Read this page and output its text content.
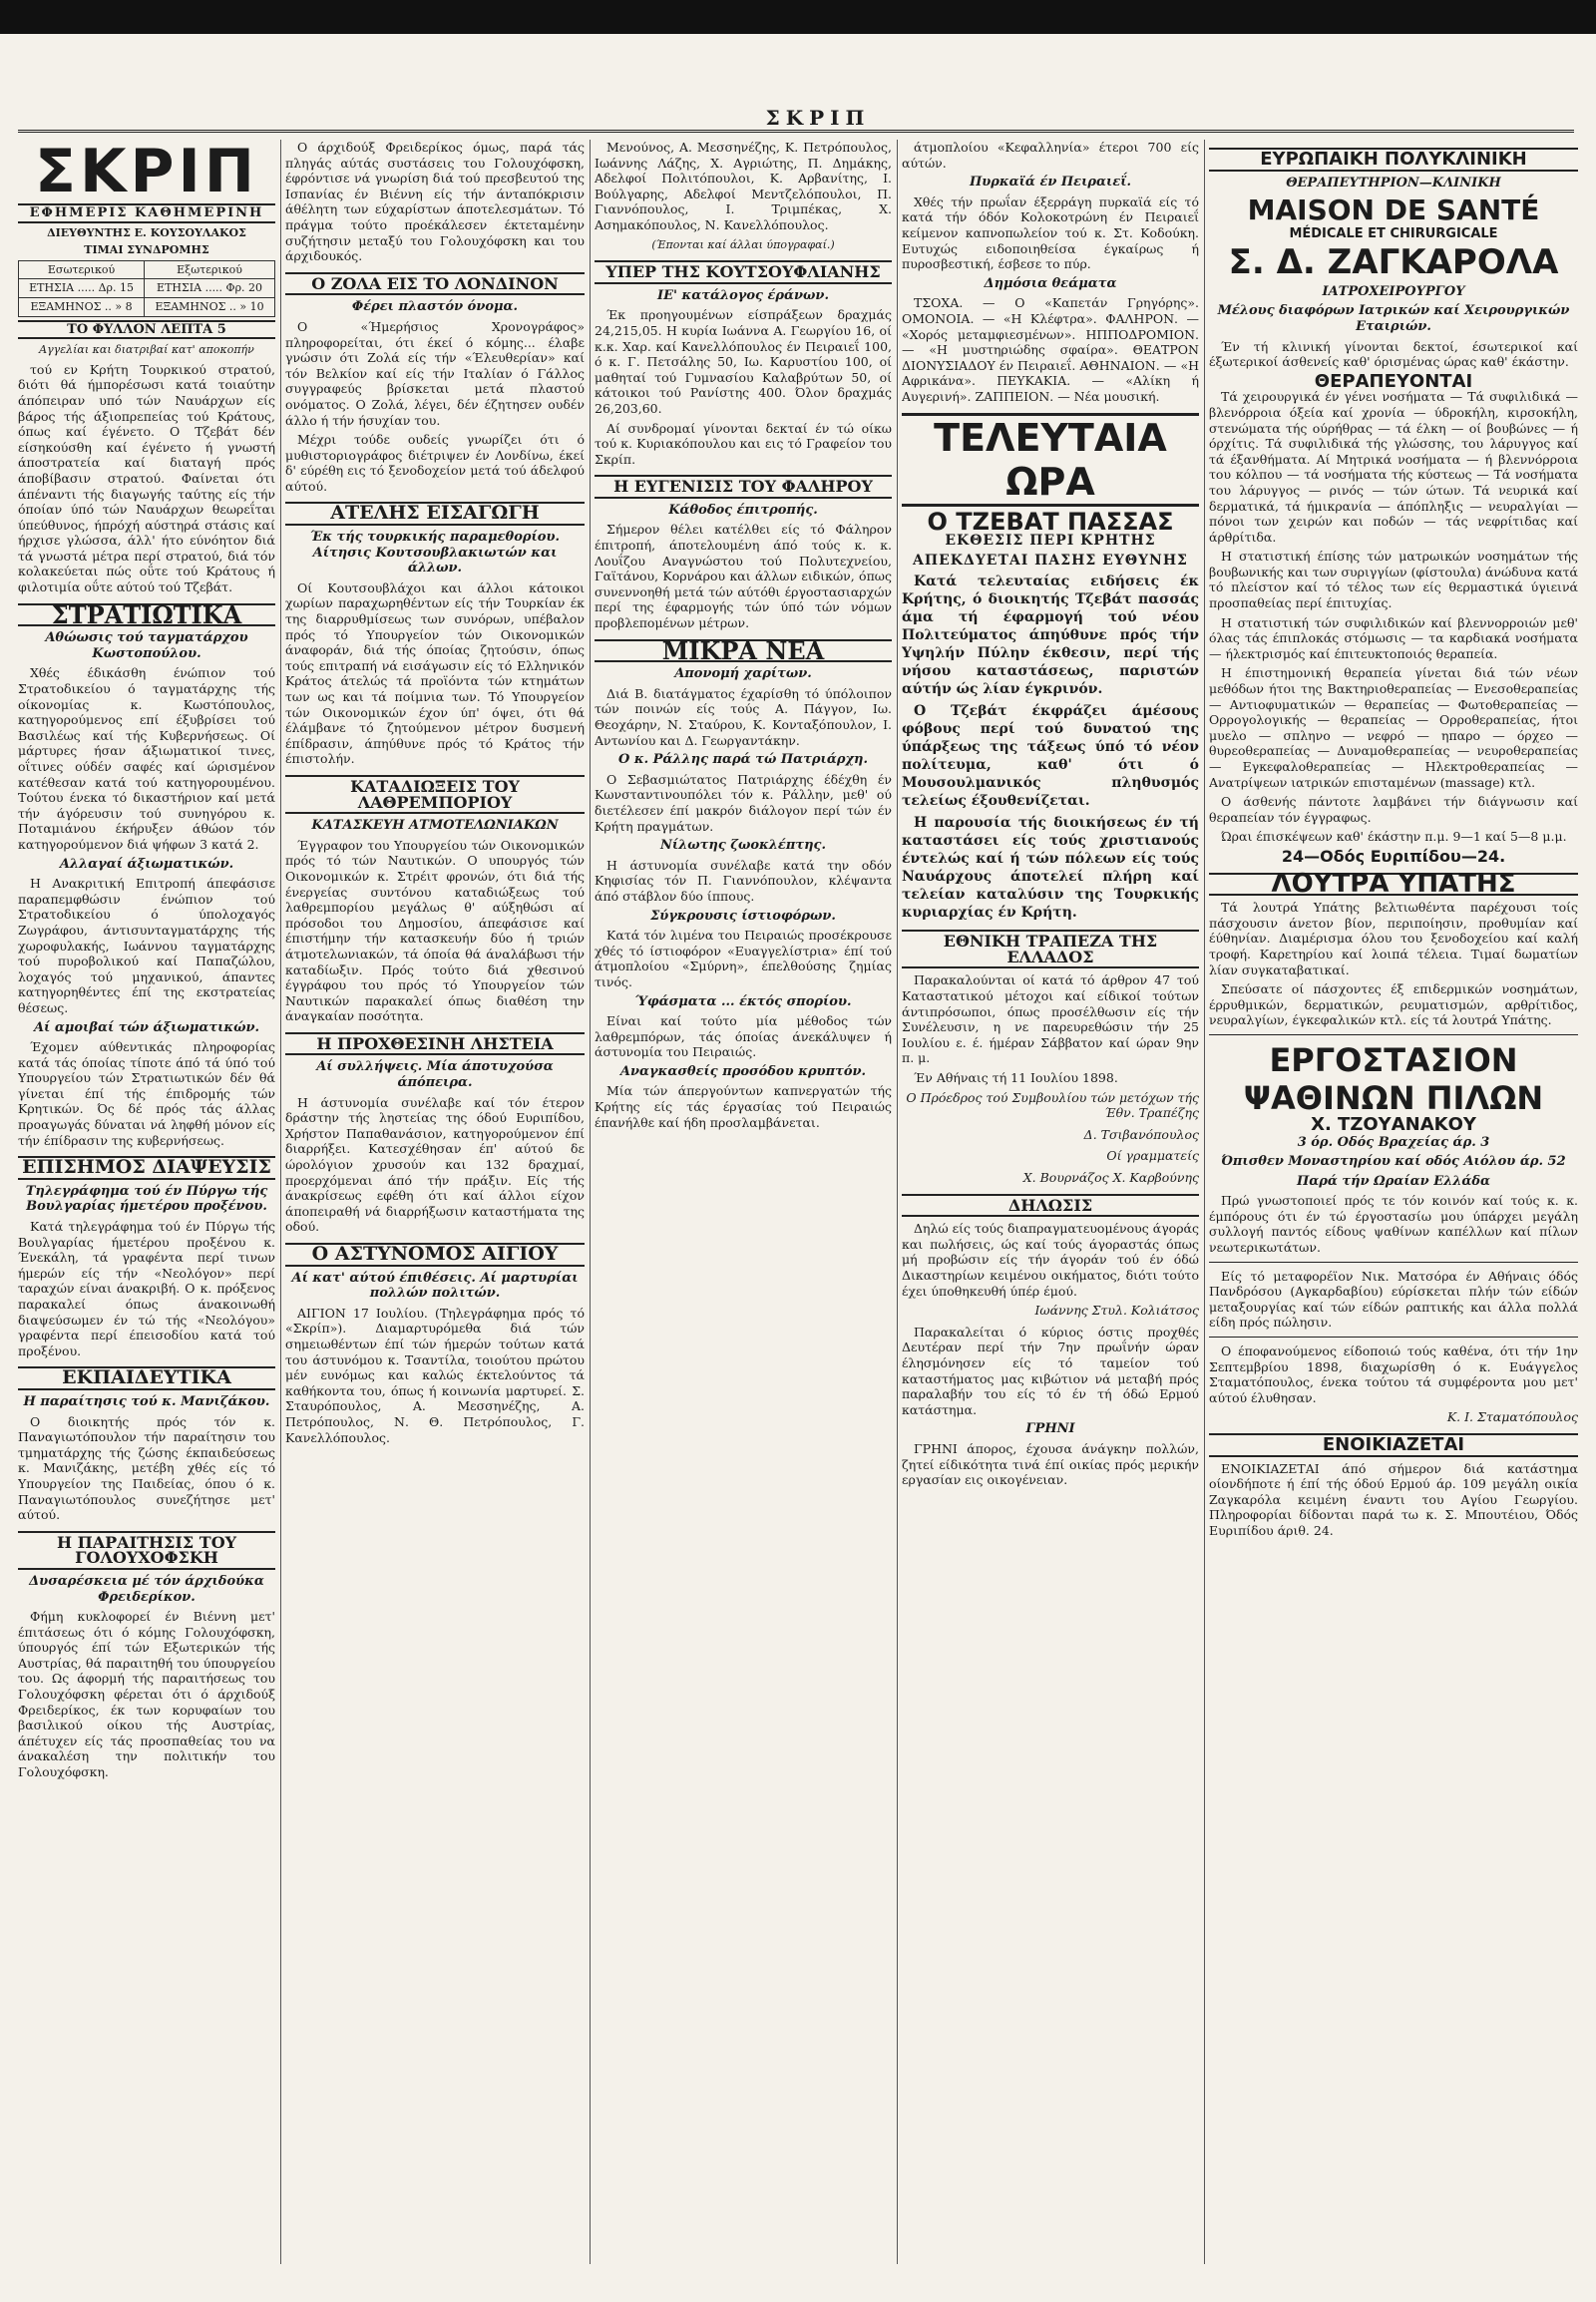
ΣΚΡΙΠ
ΣΚΡΙΠ
ΕΦΗΜΕΡΙΣ ΚΑΘΗΜΕΡΙΝΗ
ΔΙΕΥΘΥΝΤΗΣ Ε. ΚΟΥΣΟΥΛΑΚΟΣ
ΤΙΜΑΙ ΣΥΝΔΡΟΜΗΣ
Εσωτερικού	Εξωτερικού
ΕΤΗΣΙΑ ..... Δρ. 15	ΕΤΗΣΙΑ ..... Φρ. 20
ΕΞΑΜΗΝΟΣ .. » 8	ΕΞΑΜΗΝΟΣ .. » 10
ΤΟ ΦΥΛΛΟΝ ΛΕΠΤΑ 5
Αγγελίαι και διατριβαί κατ' αποκοπήν

τού εν Κρήτη Τουρκικού στρατού, διότι θά ήμπορέσωσι κατά τοιαύτην άπόπειραν υπό τών Ναυάρχων είς βάρος τής άξιοπρεπείας τού Κράτους, όπως καί έγένετο. Ο Τζεβάτ δέν είσηκούσθη καί έγένετο ή γνωστή άποστρατεία καί διαταγή πρός άποβίβασιν στρατού. Φαίνεται ότι άπέναντι τής διαγωγής ταύτης είς τήν όποίαν ύπό τών Ναυάρχων θεωρεΐται ύπεύθυνος, ήπρόχή αύστηρά στάσις καί ήρχισε γλώσσα, άλλ' ήτο εύνόητον διά τά γνωστά μέτρα περί στρατού, διά τόν κολακεύεται πώς οΰτε τού Κράτους ή φιλοτιμία οΰτε αύτού τού Τζεβάτ.

ΣΤΡΑΤΙΩΤΙΚΑ
Αθώωσις τού ταγματάρχου Κωστοπούλου.

Χθές έδικάσθη ένώπιον τού Στρατοδικείου ό ταγματάρχης τής οίκονομίας κ. Κωστόπουλος, κατηγορούμενος επί έξυβρίσει τού Βασιλέως καί τής Κυβερνήσεως. Οί μάρτυρες ήσαν άξιωματικοί τινες, οΐτινες ούδέν σαφές καί ώρισμένον κατέθεσαν κατά τού κατηγορουμένου. Τούτου ένεκα τό δικαστήριον καί μετά τήν άγόρευσιν τού συνηγόρου κ. Ποταμιάνου έκήρυξεν άθώον τόν κατηγορούμενον διά ψήφων 3 κατά 2.

Αλλαγαί άξιωματικών.

Η Ανακριτική Επιτροπή άπεφάσισε παραπεμφθώσιν ένώπιον τού Στρατοδικείου ό ύπολοχαγός Ζωγράφου, άντισυνταγματάρχης τής χωροφυλακής, Ιωάννου ταγματάρχης τού πυροβολικού καί Παπαζώλου, λοχαγός τού μηχανικού, άπαντες κατηγορηθέντες έπί της εκστρατείας θέσεως.

Αί αμοιβαί τών άξιωματικών.

Έχομεν αύθεντικάς πληροφορίας κατά τάς όποίας τίποτε άπό τά ύπό τού Υπουργείου τών Στρατιωτικών δέν θά γίνεται έπί τής έπιδρομής τών Κρητικών. Ός δέ πρός τάς άλλας προαγωγάς δύναται νά ληφθή μόνον είς τήν έπίδρασιν της κυβερνήσεως.

ΕΠΙΣΗΜΟΣ ΔΙΑΨΕΥΣΙΣ
Τηλεγράφημα τού έν Πύργω τής Βουλγαρίας ήμετέρου προξένου.

Κατά τηλεγράφημα τού έν Πύργω τής Βουλγαρίας ήμετέρου προξένου κ. Ένεκάλη, τά γραφέντα περί τινων ήμερών είς τήν «Νεολόγον» περί ταραχών είναι άνακριβή. Ο κ. πρόξενος παρακαλεί όπως άνακοινωθή διαψεύσωμεν έν τώ τής «Νεολόγου» γραφέντα περί έπεισοδίου κατά τού προξένου.

ΕΚΠΑΙΔΕΥΤΙΚΑ
Η παραίτησις τού κ. Μανιζάκου.

Ο διοικητής πρός τόν κ. Παναγιωτόπουλον τήν παραίτησιν του τμηματάρχης τής ζώσης έκπαιδεύσεως κ. Μανιζάκης, μετέβη χθές είς τό Υπουργείον της Παιδείας, όπου ό κ. Παναγιωτόπουλος συνεζήτησε μετ' αύτού.

Η ΠΑΡΑΙΤΗΣΙΣ ΤΟΥ ΓΟΛΟΥΧΟΦΣΚΗ
Δυσαρέσκεια μέ τόν άρχιδούκα Φρειδερίκον.

Φήμη κυκλοφορεί έν Βιέννη μετ' έπιτάσεως ότι ό κόμης Γολουχόφσκη, ύπουργός έπί τών Εξωτερικών τής Αυστρίας, θά παραιτηθή του ύπουργείου του. Ως άφορμή τής παραιτήσεως του Γολουχόφσκη φέρεται ότι ό άρχιδούξ Φρειδερίκος, έκ των κορυφαίων του βασιλικού οίκου τής Αυστρίας, άπέτυχεν είς τάς προσπαθείας του να άνακαλέση την πολιτικήν του Γολουχόφσκη.

Ο άρχιδούξ Φρειδερίκος όμως, παρά τάς πληγάς αύτάς συστάσεις του Γολουχόφσκη, έφρόντισε νά γνωρίση διά τού πρεσβευτού της Ισπανίας έν Βιέννη είς τήν άνταπόκρισιν άθέλητη των εύχαρίστων άποτελεσμάτων. Τό πράγμα τούτο προέκάλεσεν έκτεταμένην συζήτησιν μεταξύ του Γολουχόφσκη και του άρχιδουκός.

Ο ΖΟΛΑ ΕΙΣ ΤΟ ΛΟΝΔΙΝΟΝ
Φέρει πλαστόν όνομα.

Ο «Ήμερήσιος Χρονογράφος» πληροφορείται, ότι έκεί ό κόμης... έλαβε γνώσιν ότι Ζολά είς τήν «Έλευθερίαν» καί τόν Βελκίον καί είς τήν Ιταλίαν ό Γάλλος συγγραφεύς βρίσκεται μετά πλαστού ονόματος. Ο Ζολά, λέγει, δέν έζητησεν ουδέν άλλο ή τήν ήσυχίαν του.

Μέχρι τούδε ουδείς γνωρίζει ότι ό μυθιστοριογράφος διέτριψεν έν Λονδίνω, έκεί δ' εύρέθη εις τό ξενοδοχείον μετά τού άδελφού αύτού.

ΑΤΕΛΗΣ ΕΙΣΑΓΩΓΗ
Έκ τής τουρκικής παραμεθορίου. Αίτησις Κουτσουβλακιωτών και άλλων.

Οί Κουτσουβλάχοι και άλλοι κάτοικοι χωρίων παραχωρηθέντων είς τήν Τουρκίαν έκ της διαρρυθμίσεως των συνόρων, υπέβαλον πρός τό Υπουργείον τών Οικονομικών άναφοράν, διά τής όποίας ζητούσιν, όπως τούς επιτραπή νά εισάγωσιν είς τό Ελληνικόν Κράτος άτελώς τά προϊόντα τών κτημάτων των ως και τά ποίμνια των. Τό Υπουργείον τών Οικονομικών έχον ύπ' όψει, ότι θά έλάμβανε τό ζητούμενον μέτρον δυσμενή έπίδρασιν, άπηύθυνε πρός τό Κράτος τήν έπιστολήν.

ΚΑΤΑΔΙΩΞΕΙΣ ΤΟΥ ΛΑΘΡΕΜΠΟΡΙΟΥ
ΚΑΤΑΣΚΕΥΗ ΑΤΜΟΤΕΛΩΝΙΑΚΩΝ

Έγγραφον του Υπουργείου τών Οικονομικών πρός τό τών Ναυτικών. Ο υπουργός τών Οικονομικών κ. Στρέιτ φρονών, ότι διά τής ένεργείας συντόνου καταδιώξεως τού λαθρεμπορίου μεγάλως θ' αύξηθώσι αί πρόσοδοι του Δημοσίου, άπεφάσισε καί έπιστήμην τήν κατασκευήν δύο ή τριών άτμοτελωνιακών, τά όποία θά άναλάβωσι τήν καταδίωξιν. Πρός τούτο διά χθεσινού έγγράφου του πρός τό Υπουργείον τών Ναυτικών παρακαλεί όπως διαθέση την άναγκαίαν ποσότητα.

Η ΠΡΟΧΘΕΣΙΝΗ ΛΗΣΤΕΙΑ
Αί συλλήψεις. Μία άποτυχούσα άπόπειρα.

Η άστυνομία συνέλαβε καί τόν έτερον δράστην τής ληστείας της όδού Ευριπίδου, Χρήστον Παπαθανάσιον, κατηγορούμενον έπί διαρρήξει. Κατεσχέθησαν έπ' αύτού δε ώρολόγιον χρυσούν και 132 δραχμαί, προερχόμεναι άπό τήν πράξιν. Είς τής άνακρίσεως εφέθη ότι καί άλλοι είχον άποπειραθή νά διαρρήξωσιν καταστήματα της οδού.

Ο ΑΣΤΥΝΟΜΟΣ ΑΙΓΙΟΥ
Αί κατ' αύτού έπιθέσεις. Αί μαρτυρίαι πολλών πολιτών.

ΑΙΓΙΟΝ 17 Ιουλίου. (Τηλεγράφημα πρός τό «Σκρίπ»). Διαμαρτυρόμεθα διά τών σημειωθέντων έπί τών ήμερών τούτων κατά του άστυνόμου κ. Τσαντίλα, τοιούτου πρώτου μέν ευνόμως και καλώς έκτελούντος τά καθήκοντα του, όπως ή κοινωνία μαρτυρεί. Σ. Σταυρόπουλος, Α. Μεσσηνέζης, Α. Πετρόπουλος, Ν. Θ. Πετρόπουλος, Γ. Κανελλόπουλος.

Μενούνος, Α. Μεσσηνέζης, Κ. Πετρόπουλος, Ιωάννης Λάζης, Χ. Αγριώτης, Π. Δημάκης, Αδελφοί Πολιτόπουλοι, Κ. Αρβανίτης, Ι. Βούλγαρης, Αδελφοί Μεντζελόπουλοι, Π. Γιαννόπουλος, Ι. Τριμπέκας, Χ. Ασημακόπουλος, Ν. Κανελλόπουλος.

(Έπονται καί άλλαι ύπογραφαί.)
ΥΠΕΡ ΤΗΣ ΚΟΥΤΣΟΥΦΛΙΑΝΗΣ
ΙΕ' κατάλογος έράνων.

Έκ προηγουμένων είσπράξεων δραχμάς 24,215,05. Η κυρία Ιωάννα Α. Γεωργίου 16, οί κ.κ. Χαρ. καί Κανελλόπουλος έν Πειραιεΐ 100, ό κ. Γ. Πετσάλης 50, Ιω. Καρυστίου 100, οί μαθηταί τού Γυμνασίου Καλαβρύτων 50, οί κάτοικοι τού Ρανίστης 400. Όλον δραχμάς 26,203,60.

Αί συνδρομαί γίνονται δεκταί έν τώ οίκω τού κ. Κυριακόπουλου και εις τό Γραφείον του Σκρίπ.

Η ΕΥΓΕΝΙΣΙΣ ΤΟΥ ΦΑΛΗΡΟΥ
Κάθοδος έπιτροπής.

Σήμερον θέλει κατέλθει είς τό Φάληρον έπιτροπή, άποτελουμένη άπό τούς κ. κ. Λουΐζου Αναγνώστου τού Πολυτεχνείου, Γαϊτάνου, Κορνάρου και άλλων ειδικών, όπως συνεννοηθή μετά τών αύτόθι έργοστασιαρχών περί της έφαρμογής τών ύπό τών νόμων προβλεπομένων μέτρων.

ΜΙΚΡΑ ΝΕΑ
Απονομή χαρίτων.

Διά Β. διατάγματος έχαρίσθη τό ύπόλοιπον τών ποινών είς τούς Α. Πάγγον, Ιω. Θεοχάρην, Ν. Σταύρου, Κ. Κονταξόπουλον, Ι. Αντωνίου και Δ. Γεωργαντάκην.

Ο κ. Ράλλης παρά τώ Πατριάρχη.

Ο Σεβασμιώτατος Πατριάρχης έδέχθη έν Κωνσταντινουπόλει τόν κ. Ράλλην, μεθ' ού διετέλεσεν έπί μακρόν διάλογον περί τών έν Κρήτη πραγμάτων.

Νίλωτης ζωοκλέπτης.

Η άστυνομία συνέλαβε κατά την οδόν Κηφισίας τόν Π. Γιαννόπουλον, κλέψαντα άπό στάβλον δύο ίππους.

Σύγκρουσις ίστιοφόρων.

Κατά τόν λιμένα του Πειραιώς προσέκρουσε χθές τό ίστιοφόρον «Ευαγγελίστρια» έπί τού άτμοπλοίου «Σμύρνη», έπελθούσης ζημίας τινός.

Ύφάσματα ... έκτός σπορίου.

Είναι καί τούτο μία μέθοδος τών λαθρεμπόρων, τάς όποίας άνεκάλυψεν ή άστυνομία του Πειραιώς.

Αναγκασθείς προσόδου κρυπτόν.

Μία τών άπεργούντων καπνεργατών τής Κρήτης είς τάς έργασίας τού Πειραιώς έπανήλθε καί ήδη προσλαμβάνεται.

άτμοπλοίου «Κεφαλληνία» έτεροι 700 είς αύτών.

Πυρκαϊά έν Πειραιεΐ.

Χθές τήν πρωΐαν έξερράγη πυρκαϊά είς τό κατά τήν όδόν Κολοκοτρώνη έν Πειραιεΐ κείμενον καπνοπωλείον τού κ. Στ. Κοδούκη. Ευτυχώς ειδοποιηθείσα έγκαίρως ή πυροσβεστική, έσβεσε το πύρ.

Δημόσια θεάματα

ΤΣΟΧΑ. — Ο «Καπετάν Γρηγόρης». ΟΜΟΝΟΙΑ. — «Η Κλέφτρα». ΦΑΛΗΡΟΝ. — «Χορός μεταμφιεσμένων». ΗΠΠΟΔΡΟΜΙΟΝ. — «Η μυστηριώδης σφαίρα». ΘΕΑΤΡΟΝ ΔΙΟΝΥΣΙΑΔΟΥ έν Πειραιεΐ. ΑΘΗΝΑΙΟΝ. — «Η Αφρικάνα». ΠΕΥΚΑΚΙΑ. — «Αλίκη ή Αυγερινή». ΖΑΠΠΕΙΟΝ. — Νέα μουσική.

ΤΕΛΕΥΤΑΙΑ ΩΡΑ
Ο ΤΖΕΒΑΤ ΠΑΣΣΑΣ
ΕΚΘΕΣΙΣ ΠΕΡΙ ΚΡΗΤΗΣ
ΑΠΕΚΔΥΕΤΑΙ ΠΑΣΗΣ ΕΥΘΥΝΗΣ

Κατά τελευταίας ειδήσεις έκ Κρήτης, ό διοικητής Τζεβάτ πασσάς άμα τή έφαρμογή τού νέου Πολιτεύματος άπηύθυνε πρός τήν Υψηλήν Πύλην έκθεσιν, περί τής νήσου καταστάσεως, παριστών αύτήν ώς λίαν έγκρινόν.

Ο Τζεβάτ έκφράζει άμέσους φόβους περί τού δυνατού της ύπάρξεως της τάξεως ύπό τό νέον πολίτευμα, καθ' ότι ό Μουσουλμανικός πληθυσμός τελείως έξουθενίζεται.

Η παρουσία τής διοικήσεως έν τή καταστάσει είς τούς χριστιανούς έντελώς καί ή τών πόλεων είς τούς Ναυάρχους άποτελεί πλήρη καί τελείαν καταλύσιν της Τουρκικής κυριαρχίας έν Κρήτη.

ΕΘΝΙΚΗ ΤΡΑΠΕΖΑ ΤΗΣ ΕΛΛΑΔΟΣ

Παρακαλούνται οί κατά τό άρθρον 47 τού Καταστατικού μέτοχοι καί είδικοί τούτων άντιπρόσωποι, όπως προσέλθωσιν είς τήν Συνέλευσιν, η νε παρευρεθώσιν τήν 25 Ιουλίου ε. έ. ήμέραν Σάββατον καί ώραν 9ην π. μ.

Έν Αθήναις τή 11 Ιουλίου 1898.

Ο Πρόεδρος τού Συμβουλίου τών μετόχων τής Έθν. Τραπέζης
Δ. Τσιβανόπουλος
Οί γραμματείς
Χ. Βουρνάζος Χ. Καρβούνης
ΔΗΛΩΣΙΣ

Δηλώ είς τούς διαπραγματευομένους άγοράς και πωλήσεις, ώς καί τούς άγοραστάς όπως μή προβώσιν είς τήν άγοράν τού έν όδώ Δικαστηρίων κειμένου οικήματος, διότι τούτο έχει ύποθηκευθή ύπέρ έμού.

Ιωάννης Στυλ. Κολιάτσος

Παρακαλείται ό κύριος όστις προχθές Δευτέραν περί τήν 7ην πρωΐνήν ώραν έλησμόνησεν είς τό ταμείον τού καταστήματος μας κιβώτιον νά μεταβή πρός παραλαβήν του είς τό έν τή όδώ Ερμού κατάστημα.

ΓΡΗΝΙ

ΓΡΗΝΙ άπορος, έχουσα άνάγκην πολλών, ζητεί είδικότητα τινά έπί οικίας πρός μερικήν εργασίαν εις οικογένειαν.

ΕΥΡΩΠΑΙΚΗ ΠΟΛΥΚΛΙΝΙΚΗ
ΘΕΡΑΠΕΥΤΗΡΙΟΝ—ΚΛΙΝΙΚΗ
MAISON DE SANTÉ
MÉDICALE ET CHIRURGICALE
Σ. Δ. ΖΑΓΚΑΡΟΛΑ
ΙΑΤΡΟΧΕΙΡΟΥΡΓΟΥ
Μέλους διαφόρων Ιατρικών καί Χειρουργικών Εταιριών.

Έν τή κλινική γίνονται δεκτοί, έσωτερικοί καί έξωτερικοί άσθενείς καθ' όρισμένας ώρας καθ' έκάστην.

ΘΕΡΑΠΕΥΟΝΤΑΙ

Τά χειρουργικά έν γένει νοσήματα — Τά συφιλιδικά — βλενόρροια όξεία καί χρονία — ύδροκήλη, κιρσοκήλη, στενώματα τής ούρήθρας — τά έλκη — οί βουβώνες — ή όρχίτις. Τά συφιλιδικά τής γλώσσης, του λάρυγγος καί τά έξανθήματα. Αί Μητρικά νοσήματα — ή βλεννόρροια του κόλπου — τά νοσήματα τής κύστεως — Τά νοσήματα του λάρυγγος — ρινός — τών ώτων. Τά νευρικά καί δερματικά, τά ήμικρανία — άπόπληξις — νευραλγίαι — πόνοι των χειρών και ποδών — τάς νεφρίτιδας καί άρθρίτιδα.

Η στατιστική έπίσης τών ματρωικών νοσημάτων τής βουβωνικής και των συριγγίων (φίστουλα) άνώδυνα κατά τό πλείστον καί τό τέλος των είς θερμαστικά ύγιεινά προσπαθείας περί έπιτυχίας.

Η στατιστική τών συφιλιδικών καί βλεννορροιών μεθ' όλας τάς έπιπλοκάς στόμωσις — τα καρδιακά νοσήματα — ήλεκτρισμός καί έπιτευκτοποιός θεραπεία.

Η έπιστημονική θεραπεία γίνεται διά τών νέων μεθόδων ήτοι της Βακτηριοθεραπείας — Ενεσοθεραπείας — Αντιοφυματικών — θεραπείας — Φωτοθεραπείας — Ορρογολογικής — θεραπείας — Ορροθεραπείας, ήτοι μυελο — σπληνο — νεφρό — ηπαρο — όρχεο — θυρεοθεραπείας — Δυναμοθεραπείας — νευροθεραπείας — Εγκεφαλοθεραπείας — Ηλεκτροθεραπείας — Ανατρίψεων ιατρικών επισταμένων (massage) κτλ.

Ο άσθενής πάντοτε λαμβάνει τήν διάγνωσιν καί θεραπείαν τόν έγγραφως.

Ώραι έπισκέψεων καθ' έκάστην π.μ. 9—1 καί 5—8 μ.μ.

24—Οδός Ευριπίδου—24.
ΛΟΥΤΡΑ ΥΠΑΤΗΣ

Τά λουτρά Υπάτης βελτιωθέντα παρέχουσι τοίς πάσχουσιν άνετον βίον, περιποίησιν, προθυμίαν καί έύθηνίαν. Διαμέρισμα όλου του ξενοδοχείου καί καλή τροφή. Καρετηρίου καί λοιπά τέλεια. Τιμαί δωματίων λίαν συγκαταβατικαί.

Σπεύσατε οί πάσχοντες έξ επιδερμικών νοσημάτων, έρρυθμικών, δερματικών, ρευματισμών, αρθρίτιδος, νευραλγίων, έγκεφαλικών κτλ. είς τά λουτρά Υπάτης.

ΕΡΓΟΣΤΑΣΙΟΝ
ΨΑΘΙΝΩΝ ΠΙΛΩΝ
Χ. ΤΖΟΥΑΝΑΚΟΥ
3 όρ. Οδός Βραχείας άρ. 3
Όπισθεν Μοναστηρίου καί οδός Αιόλου άρ. 52
Παρά τήν Ωραίαν Ελλάδα

Πρώ γνωστοποιεί πρός τε τόν κοινόν καί τούς κ. κ. έμπόρους ότι έν τώ έργοστασίω μου ύπάρχει μεγάλη συλλογή παντός είδους ψαθίνων καπέλλων καί πίλων νεωτερικωτάτων.

Είς τό μεταφορέϊον Νικ. Ματσόρα έν Αθήναις όδός Πανδρόσου (Αγκαρδαβίου) εύρίσκεται πλήν τών είδών μεταξουργίας καί τών είδών ραπτικής και άλλα πολλά είδη πρός πώλησιν.

Ο έποφανούμενος είδοποιώ τούς καθένα, ότι τήν 1ην Σεπτεμβρίου 1898, διαχωρίσθη ό κ. Ευάγγελος Σταματόπουλος, ένεκα τούτου τά συμφέροντα μου μετ' αύτού έλυθησαν.

Κ. Ι. Σταματόπουλος
ΕΝΟΙΚΙΑΖΕΤΑΙ

ΕΝΟΙΚΙΑΖΕΤΑΙ άπό σήμερον διά κατάστημα οίονδήποτε ή έπί τής όδού Ερμού άρ. 109 μεγάλη οικία Ζαγκαρόλα κειμένη έναντι του Αγίου Γεωργίου. Πληροφορίαι δίδονται παρά τω κ. Σ. Μπουτέιου, Όδός Ευριπίδου άριθ. 24.
